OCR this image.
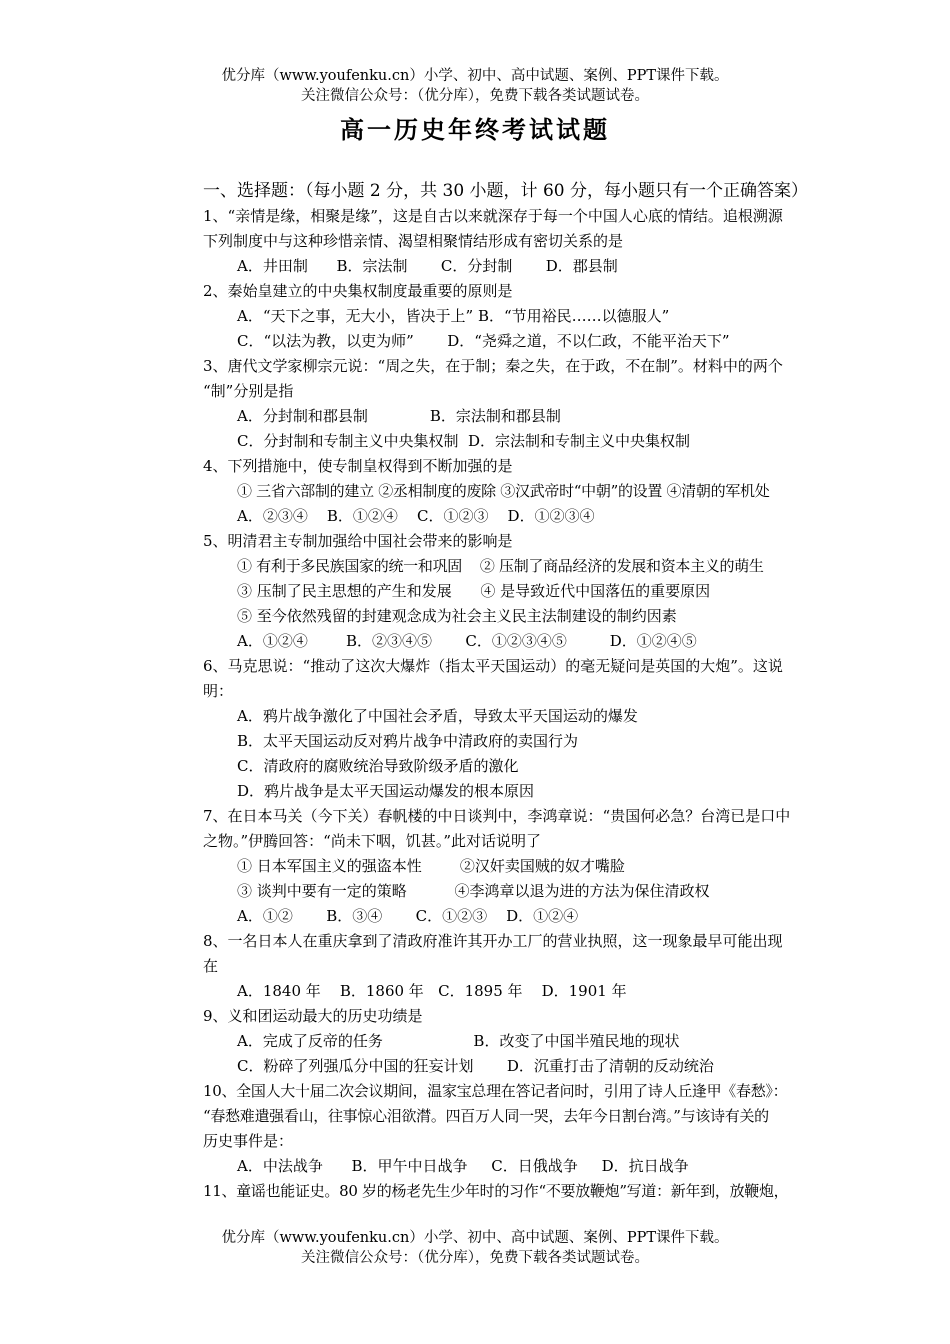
优分库（www.youfenku.cn）小学、初中、高中试题、案例、PPT课件下载。
关注微信公众号：（优分库），免费下载各类试题试卷。
高一历史年终考试试题
一、选择题：（每小题 2 分，共 30 小题，计 60 分，每小题只有一个正确答案）
1、“亲情是缘，相聚是缘”，这是自古以来就深存于每一个中国人心底的情结。追根溯源
下列制度中与这种珍惜亲情、渴望相聚情结形成有密切关系的是
A．井田制      B．宗法制       C．分封制       D．郡县制
2、秦始皇建立的中央集权制度最重要的原则是
A．“天下之事，无大小，皆决于上” B．“节用裕民……以德服人”
C．“以法为教，以吏为师”       D．“尧舜之道，不以仁政，不能平治天下”
3、唐代文学家柳宗元说：“周之失，在于制；秦之失，在于政，不在制”。材料中的两个
“制”分别是指
A．分封制和郡县制             B．宗法制和郡县制
C．分封制和专制主义中央集权制  D．宗法制和专制主义中央集权制
4、下列措施中，使专制皇权得到不断加强的是
① 三省六部制的建立 ②丞相制度的废除 ③汉武帝时“中朝”的设置 ④清朝的军机处
A．②③④    B．①②④    C．①②③    D．①②③④
5、明清君主专制加强给中国社会带来的影响是
① 有利于多民族国家的统一和巩固    ② 压制了商品经济的发展和资本主义的萌生
③ 压制了民主思想的产生和发展      ④ 是导致近代中国落伍的重要原因
⑤ 至今依然残留的封建观念成为社会主义民主法制建设的制约因素
A．①②④        B．②③④⑤       C．①②③④⑤         D．①②④⑤
6、马克思说：“推动了这次大爆炸（指太平天国运动）的毫无疑问是英国的大炮”。这说
明：
A．鸦片战争激化了中国社会矛盾，导致太平天国运动的爆发
B．太平天国运动反对鸦片战争中清政府的卖国行为
C．清政府的腐败统治导致阶级矛盾的激化
D．鸦片战争是太平天国运动爆发的根本原因
7、在日本马关（今下关）春帆楼的中日谈判中，李鸿章说：“贵国何必急？台湾已是口中
之物。”伊腾回答：“尚未下咽，饥甚。”此对话说明了
① 日本军国主义的强盗本性        ②汉奸卖国贼的奴才嘴脸
③ 谈判中要有一定的策略          ④李鸿章以退为进的方法为保住清政权
A．①②       B．③④       C．①②③    D．①②④
8、一名日本人在重庆拿到了清政府准许其开办工厂的营业执照，这一现象最早可能出现
在
A．1840 年    B．1860 年   C．1895 年    D．1901 年
9、义和团运动最大的历史功绩是
A．完成了反帝的任务                   B．改变了中国半殖民地的现状
C．粉碎了列强瓜分中国的狂妄计划       D．沉重打击了清朝的反动统治
10、全国人大十届二次会议期间，温家宝总理在答记者问时，引用了诗人丘逢甲《春愁》：
“春愁难遣强看山，往事惊心泪欲潸。四百万人同一哭，去年今日割台湾。”与该诗有关的
历史事件是：
A．中法战争      B．甲午中日战争     C．日俄战争     D．抗日战争
11、童谣也能证史。80 岁的杨老先生少年时的习作“不要放鞭炮”写道：新年到，放鞭炮，
优分库（www.youfenku.cn）小学、初中、高中试题、案例、PPT课件下载。
关注微信公众号：（优分库），免费下载各类试题试卷。
